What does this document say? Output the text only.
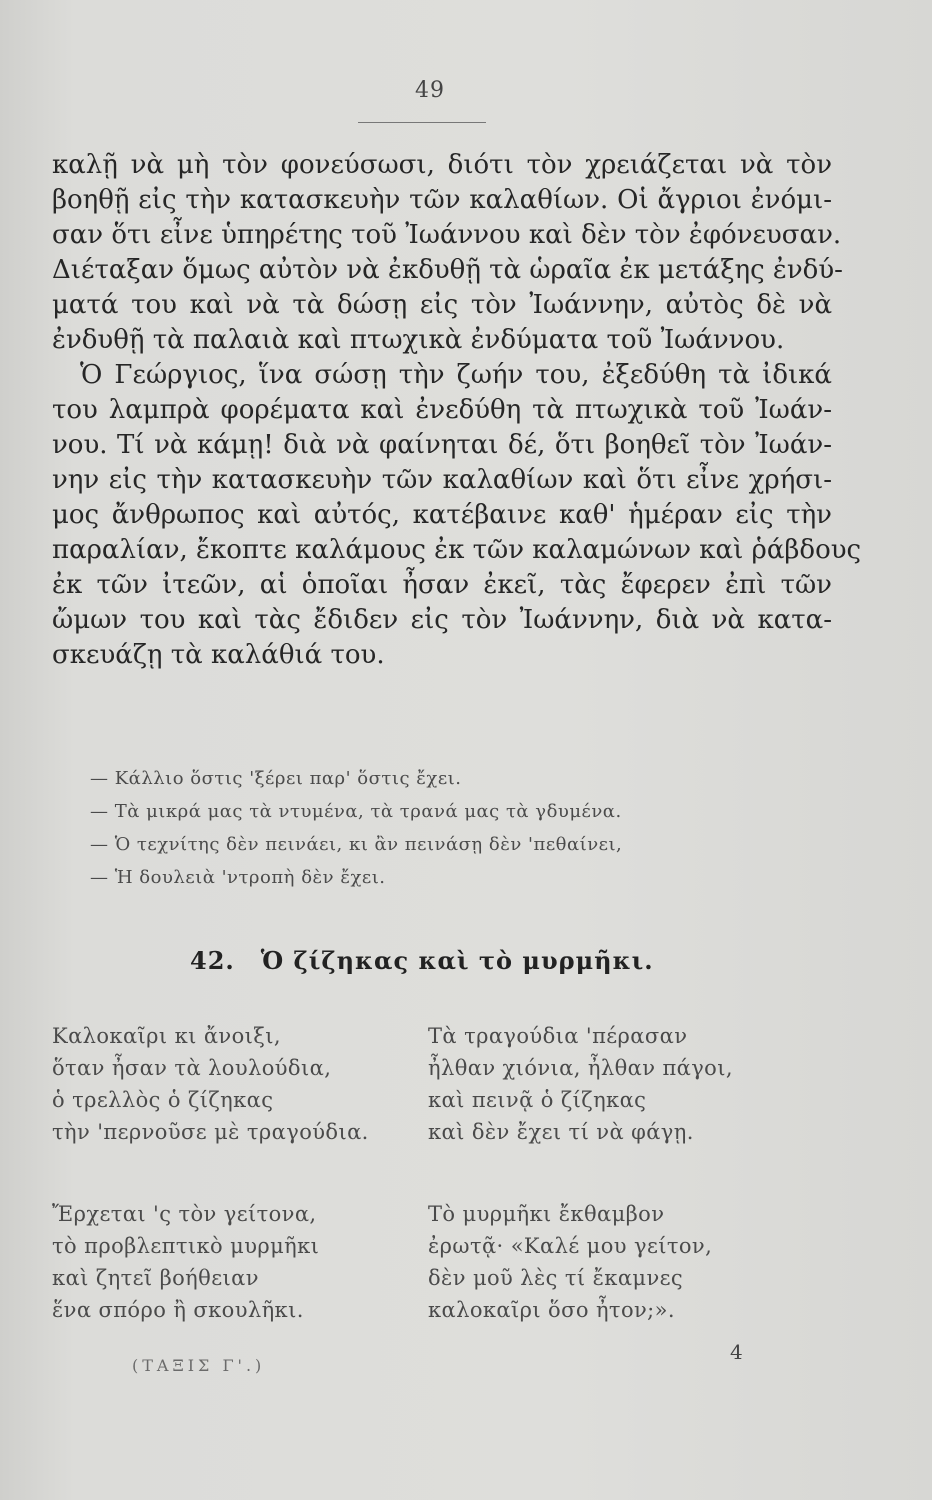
49
καλῇ νὰ μὴ τὸν φονεύσωσι, διότι τὸν χρειάζεται νὰ τὸν
βοηθῇ εἰς τὴν κατασκευὴν τῶν καλαθίων. Οἱ ἄγριοι ἐνόμι-
σαν ὅτι εἶνε ὑπηρέτης τοῦ Ἰωάννου καὶ δὲν τὸν ἐφόνευσαν.
Διέταξαν ὅμως αὐτὸν νὰ ἐκδυθῇ τὰ ὡραῖα ἐκ μετάξης ἐνδύ-
ματά του καὶ νὰ τὰ δώσῃ εἰς τὸν Ἰωάννην, αὐτὸς δὲ νὰ
ἐνδυθῇ τὰ παλαιὰ καὶ πτωχικὰ ἐνδύματα τοῦ Ἰωάννου.
Ὁ Γεώργιος, ἵνα σώσῃ τὴν ζωήν του, ἐξεδύθη τὰ ἰδικά
του λαμπρὰ φορέματα καὶ ἐνεδύθη τὰ πτωχικὰ τοῦ Ἰωάν-
νου. Τί νὰ κάμῃ! διὰ νὰ φαίνηται δέ, ὅτι βοηθεῖ τὸν Ἰωάν-
νην εἰς τὴν κατασκευὴν τῶν καλαθίων καὶ ὅτι εἶνε χρήσι-
μος ἄνθρωπος καὶ αὐτός, κατέβαινε καθ' ἡμέραν εἰς τὴν
παραλίαν, ἔκοπτε καλάμους ἐκ τῶν καλαμώνων καὶ ῥάβδους
ἐκ τῶν ἰτεῶν, αἱ ὁποῖαι ἦσαν ἐκεῖ, τὰς ἔφερεν ἐπὶ τῶν
ὤμων του καὶ τὰς ἔδιδεν εἰς τὸν Ἰωάννην, διὰ νὰ κατα-
σκευάζῃ τὰ καλάθιά του.
— Κάλλιο ὅστις 'ξέρει παρ' ὅστις ἔχει.
— Τὰ μικρά μας τὰ ντυμένα, τὰ τρανά μας τὰ γδυμένα.
— Ὁ τεχνίτης δὲν πεινάει, κι ἂν πεινάσῃ δὲν 'πεθαίνει,
— Ἡ δουλειὰ 'ντροπὴ δὲν ἔχει.
42. Ὁ ζίζηκας καὶ τὸ μυρμῆκι.
Καλοκαῖρι κι ἄνοιξι,
ὅταν ἦσαν τὰ λουλούδια,
ὁ τρελλὸς ὁ ζίζηκας
τὴν 'περνοῦσε μὲ τραγούδια.
Ἔρχεται 'ς τὸν γείτονα,
τὸ προβλεπτικὸ μυρμῆκι
καὶ ζητεῖ βοήθειαν
ἕνα σπόρο ἢ σκουλῆκι.
Τὰ τραγούδια 'πέρασαν
ἦλθαν χιόνια, ἦλθαν πάγοι,
καὶ πεινᾷ ὁ ζίζηκας
καὶ δὲν ἔχει τί νὰ φάγῃ.
Τὸ μυρμῆκι ἔκθαμβον
ἐρωτᾷ· «Καλέ μου γείτον,
δὲν μοῦ λὲς τί ἔκαμνες
καλοκαῖρι ὅσο ἦτον;».
(ΤΑΞΙΣ Γ'.)
4
